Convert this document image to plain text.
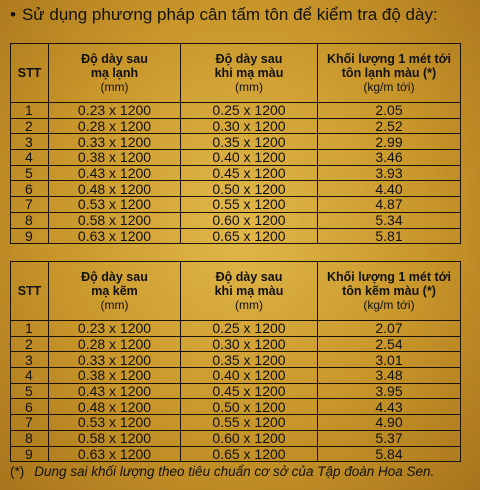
• Sử dụng phương pháp cân tấm tôn để kiểm tra độ dày:
STT	Độ dày sau
mạ lạnh
(mm)	Độ dày sau
khi mạ màu
(mm)	Khối lượng 1 mét tới
tôn lạnh màu (*)
(kg/m tới)

1	0.23 x 1200	0.25 x 1200	2.05
2	0.28 x 1200	0.30 x 1200	2.52
3	0.33 x 1200	0.35 x 1200	2.99
4	0.38 x 1200	0.40 x 1200	3.46
5	0.43 x 1200	0.45 x 1200	3.93
6	0.48 x 1200	0.50 x 1200	4.40
7	0.53 x 1200	0.55 x 1200	4.87
8	0.58 x 1200	0.60 x 1200	5.34
9	0.63 x 1200	0.65 x 1200	5.81
STT	Độ dày sau
mạ kẽm
(mm)	Độ dày sau
khi mạ màu
(mm)	Khối lượng 1 mét tới
tôn kẽm màu (*)
(kg/m tới)

1	0.23 x 1200	0.25 x 1200	2.07
2	0.28 x 1200	0.30 x 1200	2.54
3	0.33 x 1200	0.35 x 1200	3.01
4	0.38 x 1200	0.40 x 1200	3.48
5	0.43 x 1200	0.45 x 1200	3.95
6	0.48 x 1200	0.50 x 1200	4.43
7	0.53 x 1200	0.55 x 1200	4.90
8	0.58 x 1200	0.60 x 1200	5.37
9	0.63 x 1200	0.65 x 1200	5.84
(*) Dung sai khối lượng theo tiêu chuẩn cơ sở của Tập đoàn Hoa Sen.
